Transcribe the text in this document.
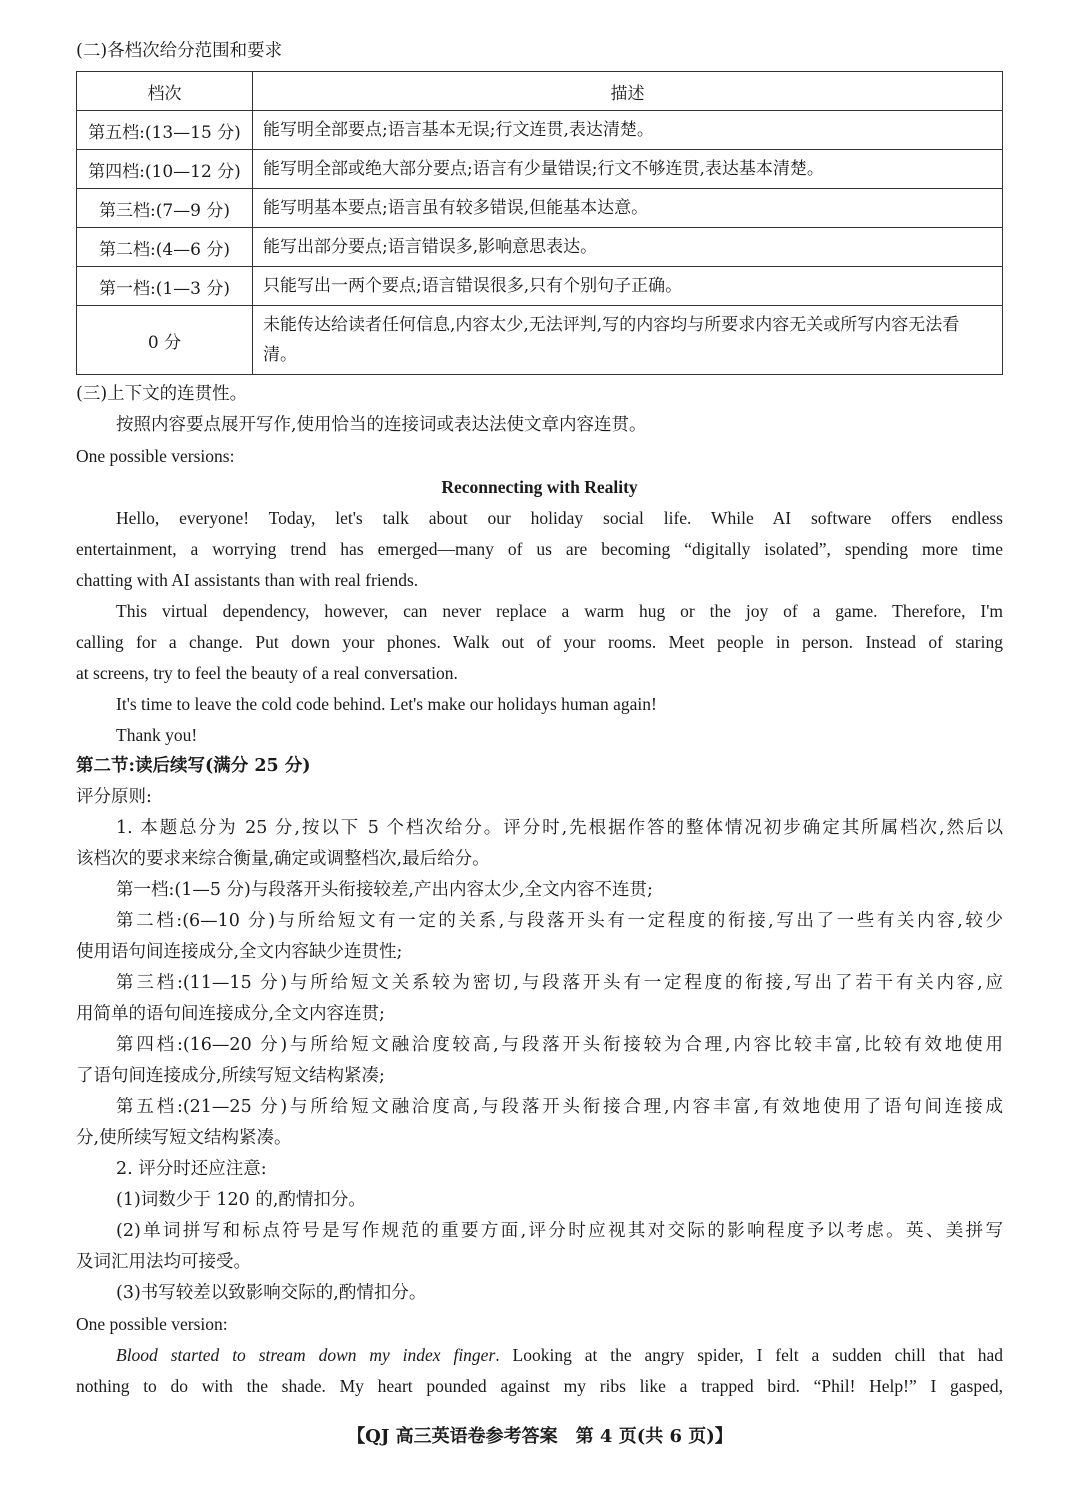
(二)各档次给分范围和要求
档次	描述
第五档:(13—15 分)	能写明全部要点;语言基本无误;行文连贯,表达清楚。
第四档:(10—12 分)	能写明全部或绝大部分要点;语言有少量错误;行文不够连贯,表达基本清楚。
第三档:(7—9 分)	能写明基本要点;语言虽有较多错误,但能基本达意。
第二档:(4—6 分)	能写出部分要点;语言错误多,影响意思表达。
第一档:(1—3 分)	只能写出一两个要点;语言错误很多,只有个别句子正确。
0 分	未能传达给读者任何信息,内容太少,无法评判,写的内容均与所要求内容无关或所写内容无法看清。
(三)上下文的连贯性。
按照内容要点展开写作,使用恰当的连接词或表达法使文章内容连贯。
One possible versions:
Reconnecting with Reality
Hello, everyone! Today, let's talk about our holiday social life. While AI software offers endless
entertainment, a worrying trend has emerged—many of us are becoming “digitally isolated”, spending more time
chatting with AI assistants than with real friends.
This virtual dependency, however, can never replace a warm hug or the joy of a game. Therefore, I'm
calling for a change. Put down your phones. Walk out of your rooms. Meet people in person. Instead of staring
at screens, try to feel the beauty of a real conversation.
It's time to leave the cold code behind. Let's make our holidays human again!
Thank you!
第二节:读后续写(满分 25 分)
评分原则:
1. 本题总分为 25 分,按以下 5 个档次给分。评分时,先根据作答的整体情况初步确定其所属档次,然后以
该档次的要求来综合衡量,确定或调整档次,最后给分。
第一档:(1—5 分)与段落开头衔接较差,产出内容太少,全文内容不连贯;
第二档:(6—10 分)与所给短文有一定的关系,与段落开头有一定程度的衔接,写出了一些有关内容,较少
使用语句间连接成分,全文内容缺少连贯性;
第三档:(11—15 分)与所给短文关系较为密切,与段落开头有一定程度的衔接,写出了若干有关内容,应
用简单的语句间连接成分,全文内容连贯;
第四档:(16—20 分)与所给短文融洽度较高,与段落开头衔接较为合理,内容比较丰富,比较有效地使用
了语句间连接成分,所续写短文结构紧凑;
第五档:(21—25 分)与所给短文融洽度高,与段落开头衔接合理,内容丰富,有效地使用了语句间连接成
分,使所续写短文结构紧凑。
2. 评分时还应注意:
(1)词数少于 120 的,酌情扣分。
(2)单词拼写和标点符号是写作规范的重要方面,评分时应视其对交际的影响程度予以考虑。英、美拼写
及词汇用法均可接受。
(3)书写较差以致影响交际的,酌情扣分。
One possible version:
Blood started to stream down my index finger. Looking at the angry spider, I felt a sudden chill that had
nothing to do with the shade. My heart pounded against my ribs like a trapped bird. “Phil! Help!” I gasped,
【QJ 高三英语卷参考答案　第 4 页(共 6 页)】
